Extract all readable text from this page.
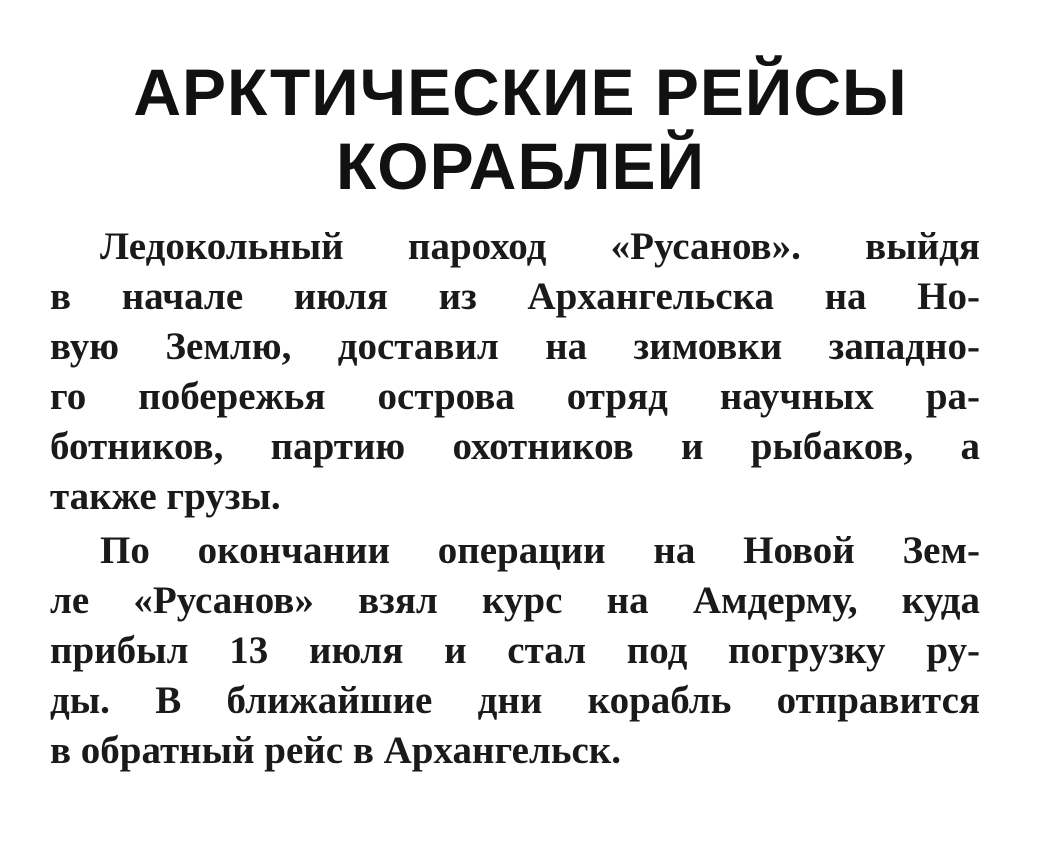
АРКТИЧЕСКИЕ РЕЙСЫ
КОРАБЛЕЙ
Ледокольный пароход «Русанов». выйдя
в начале июля из Архангельска на Но-
вую Землю, доставил на зимовки западно-
го побережья острова отряд научных ра-
ботников, партию охотников и рыбаков, а
также грузы.
По окончании операции на Новой Зем-
ле «Русанов» взял курс на Амдерму, куда
прибыл 13 июля и стал под погрузку ру-
ды. В ближайшие дни корабль отправится
в обратный рейс в Архангельск.
